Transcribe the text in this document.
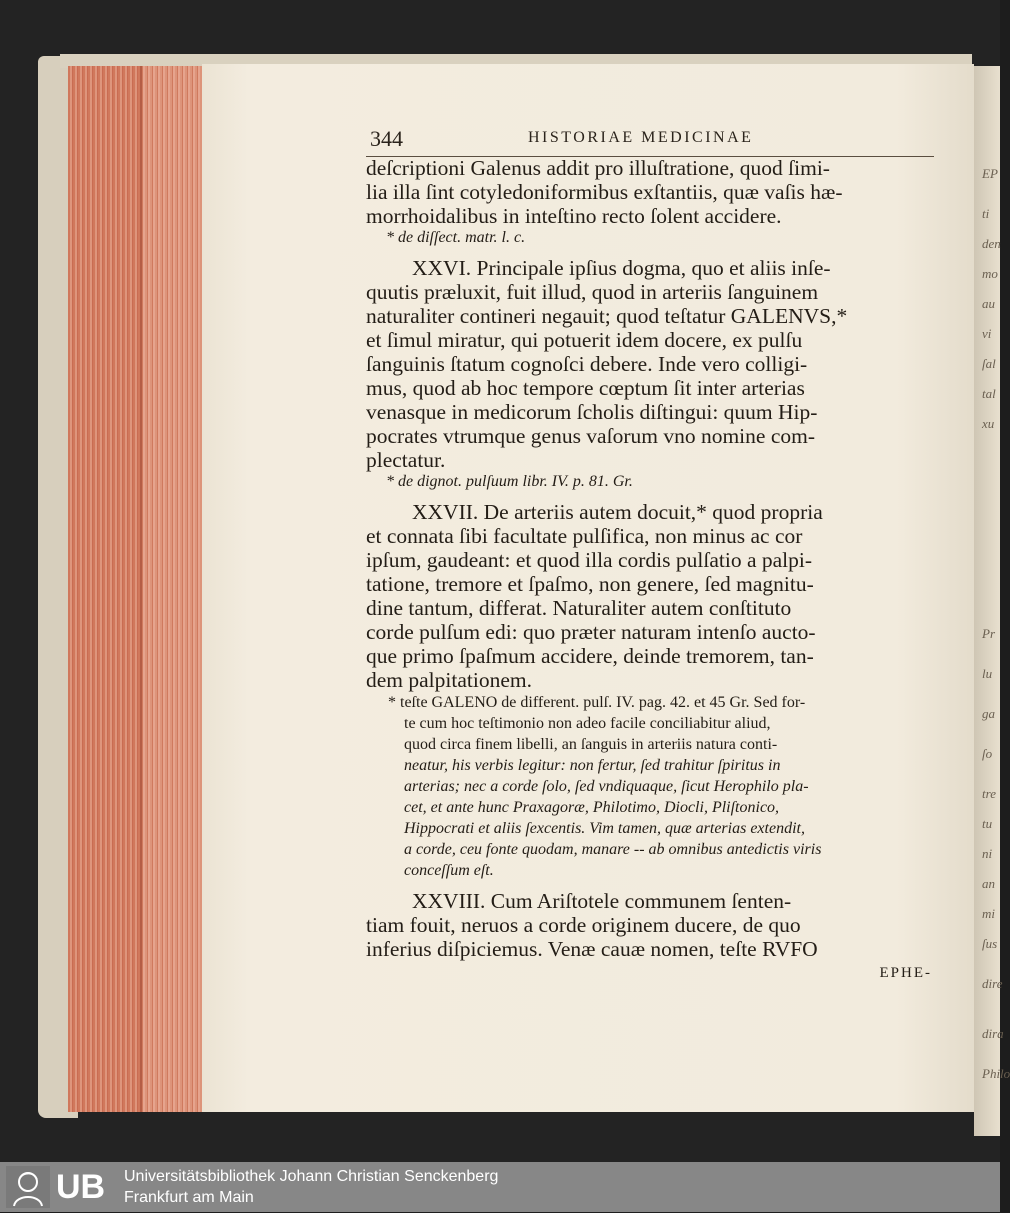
EP
ti
den
mo
au
vi
ſal
tal
xu
Pr
lu
ga
ſo
tre
tu
ni
an
mi
ſus
dire
dira
Philo
344	HISTORIAE MEDICINAE
deſcriptioni Galenus addit pro illuſtratione, quod ſimi-
lia illa ſint cotyledoniformibus exſtantiis, quæ vaſis hæ-
morrhoidalibus in inteſtino recto ſolent accidere.
* de diſſect. matr. l. c.
XXVI. Principale ipſius dogma, quo et aliis inſe-
quutis præluxit, fuit illud, quod in arteriis ſanguinem
naturaliter contineri negauit; quod teſtatur GALENVS,*
et ſimul miratur, qui potuerit idem docere, ex pulſu
ſanguinis ſtatum cognoſci debere. Inde vero colligi-
mus, quod ab hoc tempore cœptum ſit inter arterias
venasque in medicorum ſcholis diſtingui: quum Hip-
pocrates vtrumque genus vaſorum vno nomine com-
plectatur.
* de dignot. pulſuum libr. IV. p. 81. Gr.
XXVII. De arteriis autem docuit,* quod propria
et connata ſibi facultate pulſifica, non minus ac cor
ipſum, gaudeant: et quod illa cordis pulſatio a palpi-
tatione, tremore et ſpaſmo, non genere, ſed magnitu-
dine tantum, differat. Naturaliter autem conſtituto
corde pulſum edi: quo præter naturam intenſo aucto-
que primo ſpaſmum accidere, deinde tremorem, tan-
dem palpitationem.
* teſte GALENO de different. pulſ. IV. pag. 42. et 45 Gr. Sed for-
te cum hoc teſtimonio non adeo facile conciliabitur aliud,
quod circa finem libelli, an ſanguis in arteriis natura conti-
neatur, his verbis legitur: non fertur, ſed trahitur ſpiritus in
arterias; nec a corde ſolo, ſed vndiquaque, ſicut Herophilo pla-
cet, et ante hunc Praxagoræ, Philotimo, Diocli, Pliſtonico,
Hippocrati et aliis ſexcentis. Vim tamen, quæ arterias extendit,
a corde, ceu fonte quodam, manare -- ab omnibus antedictis viris
conceſſum eſt.
XXVIII. Cum Ariſtotele communem ſenten-
tiam fouit, neruos a corde originem ducere, de quo
inferius diſpiciemus. Venæ cauæ nomen, teſte RVFO
EPHE-
UB Universitätsbibliothek Johann Christian Senckenberg
Frankfurt am Main
